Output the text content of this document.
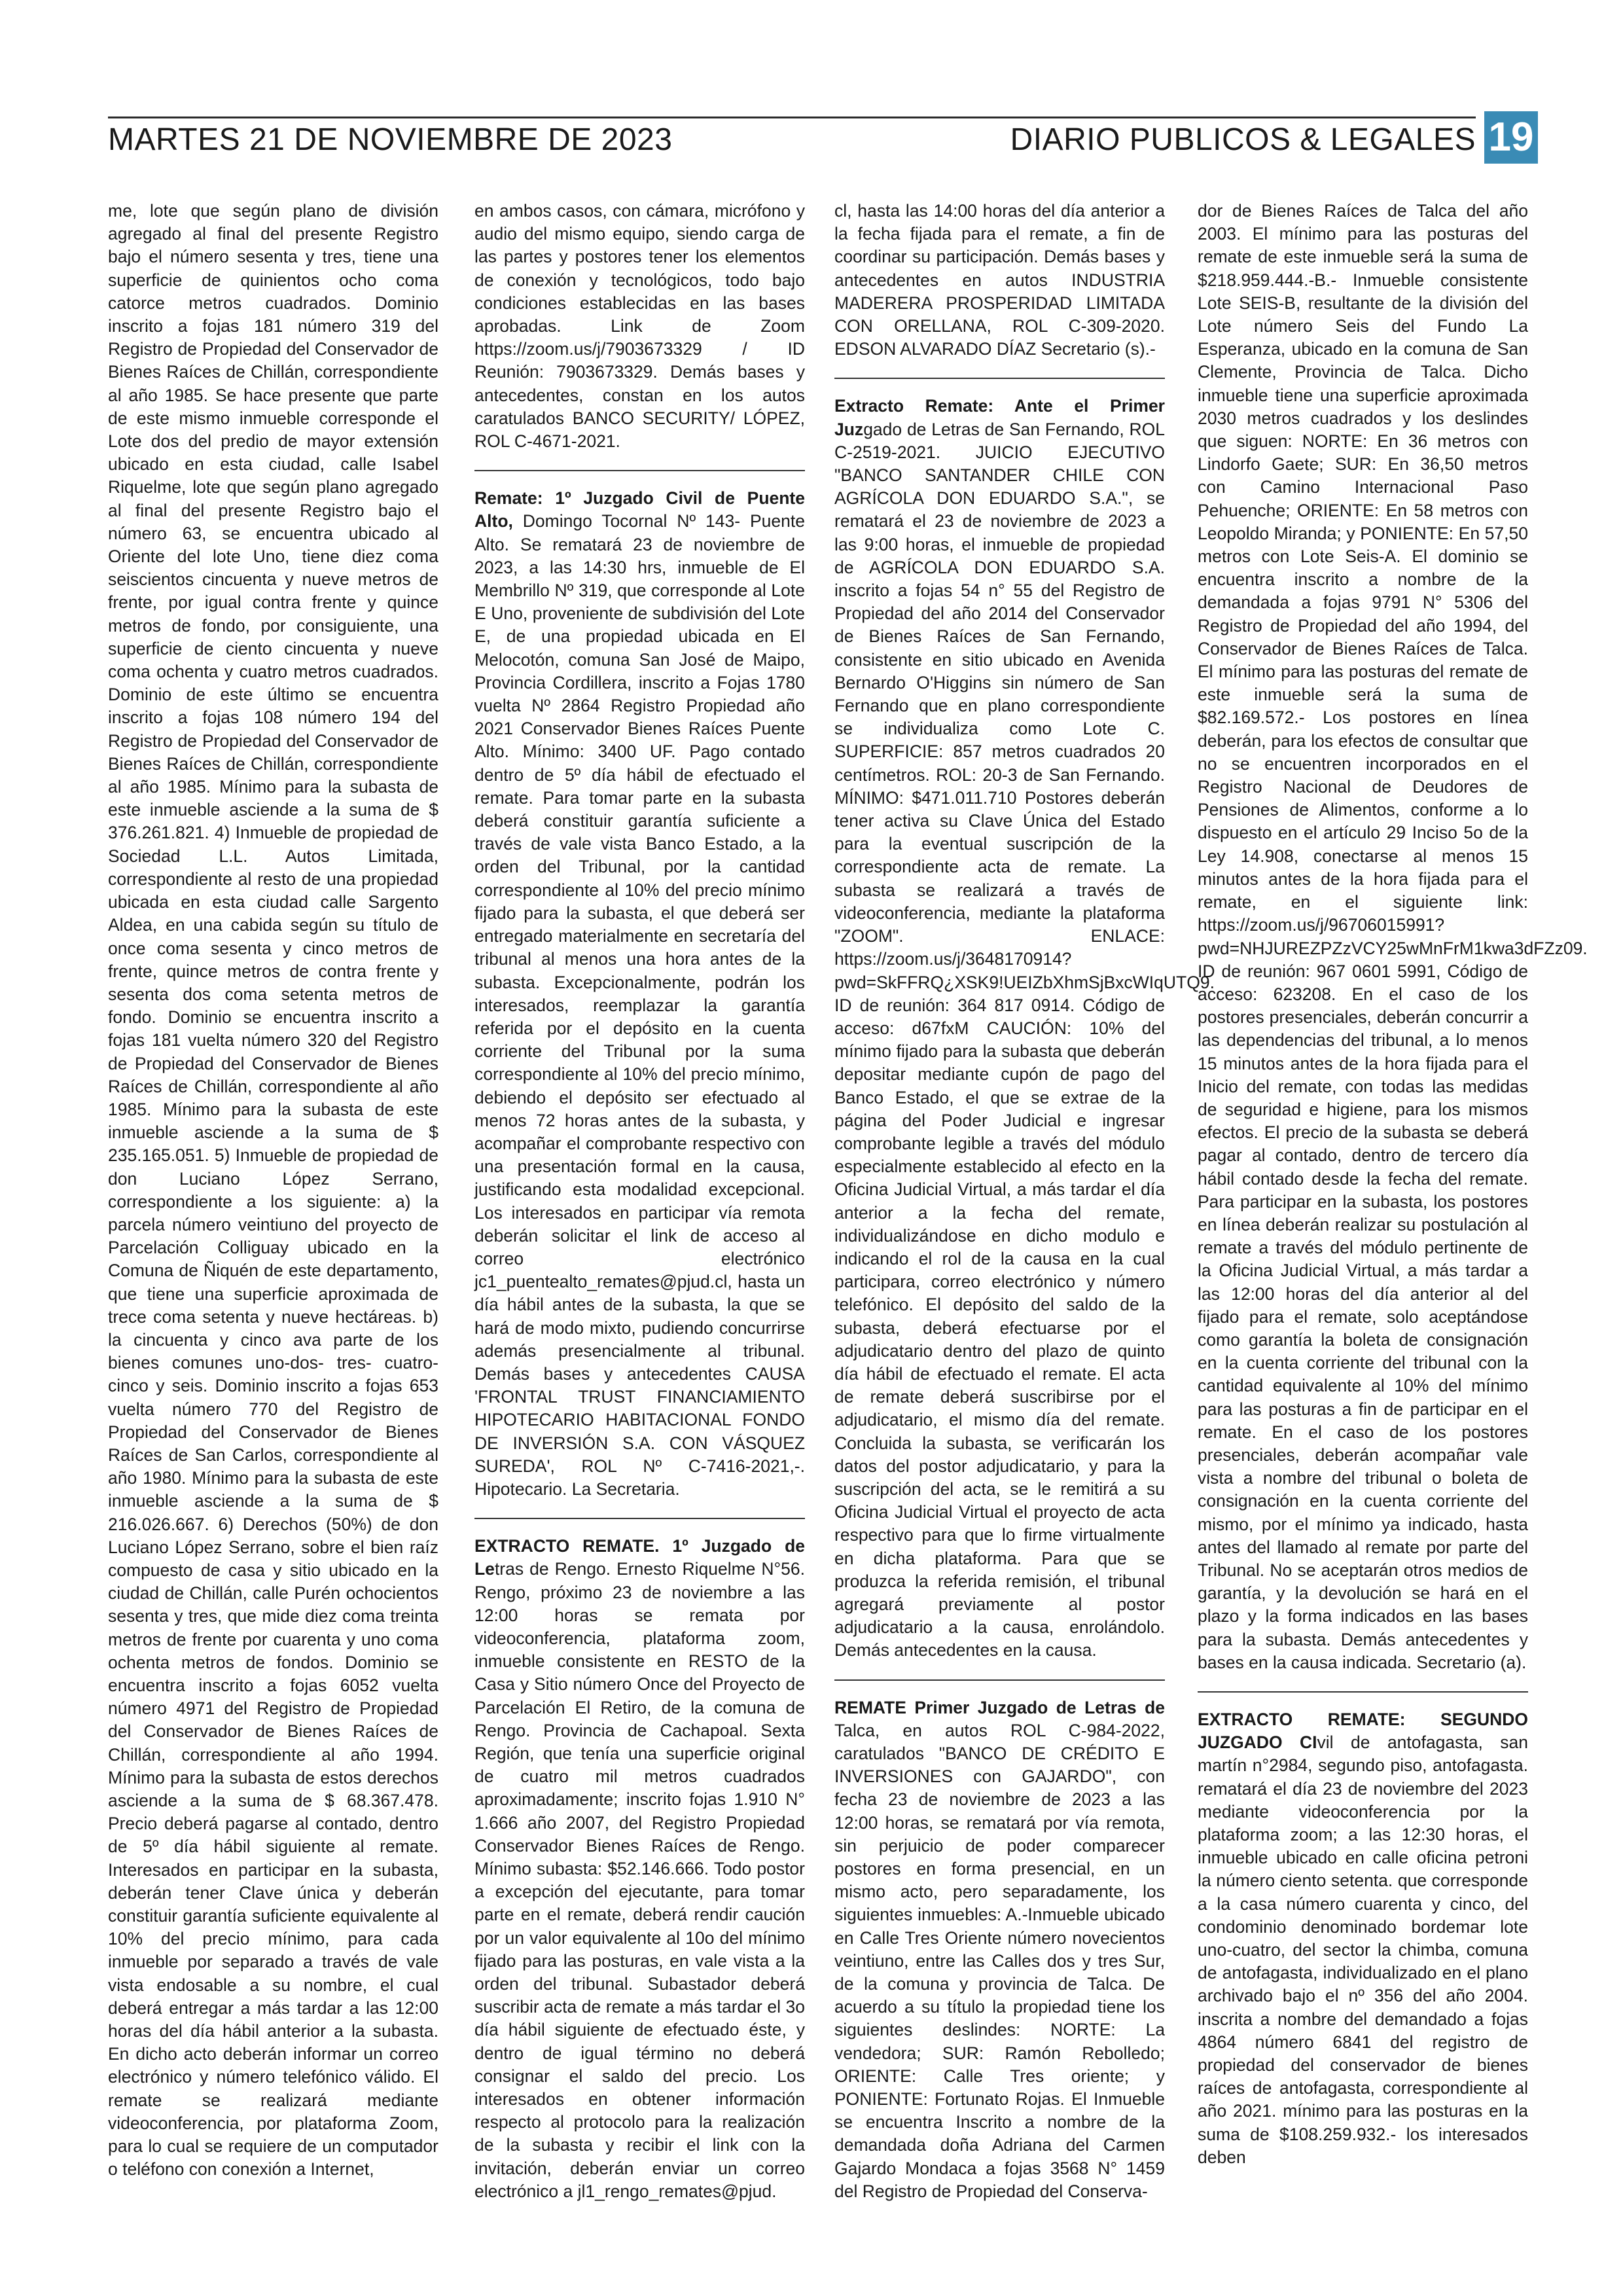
MARTES 21 DE NOVIEMBRE DE 2023	DIARIO PUBLICOS & LEGALES 19

me, lote que según plano de división agregado al final del presente Registro bajo el número sesenta y tres, tiene una superficie de quinientos ocho coma catorce metros cuadrados. Dominio inscrito a fojas 181 número 319 del Registro de Propiedad del Conservador de Bienes Raíces de Chillán, correspondiente al año 1985. Se hace presente que parte de este mismo inmueble corresponde el Lote dos del predio de mayor extensión ubicado en esta ciudad, calle Isabel Riquelme, lote que según plano agregado al final del presente Registro bajo el número 63, se encuentra ubicado al Oriente del lote Uno, tiene diez coma seiscientos cincuenta y nueve metros de frente, por igual contra frente y quince metros de fondo, por consiguiente, una superficie de ciento cincuenta y nueve coma ochenta y cuatro metros cuadrados. Dominio de este último se encuentra inscrito a fojas 108 número 194 del Registro de Propiedad del Conservador de Bienes Raíces de Chillán, correspondiente al año 1985. Mínimo para la subasta de este inmueble asciende a la suma de $ 376.261.821. 4) Inmueble de propiedad de Sociedad L.L. Autos Limitada, correspondiente al resto de una propiedad ubicada en esta ciudad calle Sargento Aldea, en una cabida según su título de once coma sesenta y cinco metros de frente, quince metros de contra frente y sesenta dos coma setenta metros de fondo. Dominio se encuentra inscrito a fojas 181 vuelta número 320 del Registro de Propiedad del Conservador de Bienes Raíces de Chillán, correspondiente al año 1985. Mínimo para la subasta de este inmueble asciende a la suma de $ 235.165.051. 5) Inmueble de propiedad de don Luciano López Serrano, correspondiente a los siguiente: a) la parcela número veintiuno del proyecto de Parcelación Colliguay ubicado en la Comuna de Ñiquén de este departamento, que tiene una superficie aproximada de trece coma setenta y nueve hectáreas. b) la cincuenta y cinco ava parte de los bienes comunes uno-dos- tres- cuatro- cinco y seis. Dominio inscrito a fojas 653 vuelta número 770 del Registro de Propiedad del Conservador de Bienes Raíces de San Carlos, correspondiente al año 1980. Mínimo para la subasta de este inmueble asciende a la suma de $ 216.026.667. 6) Derechos (50%) de don Luciano López Serrano, sobre el bien raíz compuesto de casa y sitio ubicado en la ciudad de Chillán, calle Purén ochocientos sesenta y tres, que mide diez coma treinta metros de frente por cuarenta y uno coma ochenta metros de fondos. Dominio se encuentra inscrito a fojas 6052 vuelta número 4971 del Registro de Propiedad del Conservador de Bienes Raíces de Chillán, correspondiente al año 1994. Mínimo para la subasta de estos derechos asciende a la suma de $ 68.367.478. Precio deberá pagarse al contado, dentro de 5º día hábil siguiente al remate. Interesados en participar en la subasta, deberán tener Clave única y deberán constituir garantía suficiente equivalente al 10% del precio mínimo, para cada inmueble por separado a través de vale vista endosable a su nombre, el cual deberá entregar a más tardar a las 12:00 horas del día hábil anterior a la subasta. En dicho acto deberán informar un correo electrónico y número telefónico válido. El remate se realizará mediante videoconferencia, por plataforma Zoom, para lo cual se requiere de un computador o teléfono con conexión a Internet,

en ambos casos, con cámara, micrófono y audio del mismo equipo, siendo carga de las partes y postores tener los elementos de conexión y tecnológicos, todo bajo condiciones establecidas en las bases aprobadas. Link de Zoom https://zoom.us/j/7903673329 / ID Reunión: 7903673329. Demás bases y antecedentes, constan en los autos caratulados BANCO SECURITY/ LÓPEZ, ROL C-4671-2021.

Remate: 1º Juzgado Civil de Puente Alto, Domingo Tocornal Nº 143- Puente Alto. Se rematará 23 de noviembre de 2023, a las 14:30 hrs, inmueble de El Membrillo Nº 319, que corresponde al Lote E Uno, proveniente de subdivisión del Lote E, de una propiedad ubicada en El Melocotón, comuna San José de Maipo, Provincia Cordillera, inscrito a Fojas 1780 vuelta Nº 2864 Registro Propiedad año 2021 Conservador Bienes Raíces Puente Alto. Mínimo: 3400 UF. Pago contado dentro de 5º día hábil de efectuado el remate. Para tomar parte en la subasta deberá constituir garantía suficiente a través de vale vista Banco Estado, a la orden del Tribunal, por la cantidad correspondiente al 10% del precio mínimo fijado para la subasta, el que deberá ser entregado materialmente en secretaría del tribunal al menos una hora antes de la subasta. Excepcionalmente, podrán los interesados, reemplazar la garantía referida por el depósito en la cuenta corriente del Tribunal por la suma correspondiente al 10% del precio mínimo, debiendo el depósito ser efectuado al menos 72 horas antes de la subasta, y acompañar el comprobante respectivo con una presentación formal en la causa, justificando esta modalidad excepcional. Los interesados en participar vía remota deberán solicitar el link de acceso al correo electrónico jc1_puentealto_remates@pjud.cl, hasta un día hábil antes de la subasta, la que se hará de modo mixto, pudiendo concurrirse además presencialmente al tribunal. Demás bases y antecedentes CAUSA 'FRONTAL TRUST FINANCIAMIENTO HIPOTECARIO HABITACIONAL FONDO DE INVERSIÓN S.A. CON VÁSQUEZ SUREDA', ROL Nº C-7416-2021,-. Hipotecario. La Secretaria.

EXTRACTO REMATE. 1º Juzgado de Letras de Rengo. Ernesto Riquelme N°56. Rengo, próximo 23 de noviembre a las 12:00 horas se remata por videoconferencia, plataforma zoom, inmueble consistente en RESTO de la Casa y Sitio número Once del Proyecto de Parcelación El Retiro, de la comuna de Rengo. Provincia de Cachapoal. Sexta Región, que tenía una superficie original de cuatro mil metros cuadrados aproximadamente; inscrito fojas 1.910 N° 1.666 año 2007, del Registro Propiedad Conservador Bienes Raíces de Rengo. Mínimo subasta: $52.146.666. Todo postor a excepción del ejecutante, para tomar parte en el remate, deberá rendir caución por un valor equivalente al 10o del mínimo fijado para las posturas, en vale vista a la orden del tribunal. Subastador deberá suscribir acta de remate a más tardar el 3o día hábil siguiente de efectuado éste, y dentro de igual término no deberá consignar el saldo del precio. Los interesados en obtener información respecto al protocolo para la realización de la subasta y recibir el link con la invitación, deberán enviar un correo electrónico a jl1_rengo_remates@pjud.

cl, hasta las 14:00 horas del día anterior a la fecha fijada para el remate, a fin de coordinar su participación. Demás bases y antecedentes en autos INDUSTRIA MADERERA PROSPERIDAD LIMITADA CON ORELLANA, ROL C-309-2020. EDSON ALVARADO DÍAZ Secretario (s).-

Extracto Remate: Ante el Primer Juzgado de Letras de San Fernando, ROL C-2519-2021. JUICIO EJECUTIVO "BANCO SANTANDER CHILE CON AGRÍCOLA DON EDUARDO S.A.", se rematará el 23 de noviembre de 2023 a las 9:00 horas, el inmueble de propiedad de AGRÍCOLA DON EDUARDO S.A. inscrito a fojas 54 n° 55 del Registro de Propiedad del año 2014 del Conservador de Bienes Raíces de San Fernando, consistente en sitio ubicado en Avenida Bernardo O'Higgins sin número de San Fernando que en plano correspondiente se individualiza como Lote C. SUPERFICIE: 857 metros cuadrados 20 centímetros. ROL: 20-3 de San Fernando. MÍNIMO: $471.011.710 Postores deberán tener activa su Clave Única del Estado para la eventual suscripción de la correspondiente acta de remate. La subasta se realizará a través de videoconferencia, mediante la plataforma "ZOOM". ENLACE: https://zoom.us/j/3648170914?pwd=SkFFRQ¿XSK9!UEIZbXhmSjBxcWIqUTQ9. ID de reunión: 364 817 0914. Código de acceso: d67fxM CAUCIÓN: 10% del mínimo fijado para la subasta que deberán depositar mediante cupón de pago del Banco Estado, el que se extrae de la página del Poder Judicial e ingresar comprobante legible a través del módulo especialmente establecido al efecto en la Oficina Judicial Virtual, a más tardar el día anterior a la fecha del remate, individualizándose en dicho modulo e indicando el rol de la causa en la cual participara, correo electrónico y número telefónico. El depósito del saldo de la subasta, deberá efectuarse por el adjudicatario dentro del plazo de quinto día hábil de efectuado el remate. El acta de remate deberá suscribirse por el adjudicatario, el mismo día del remate. Concluida la subasta, se verificarán los datos del postor adjudicatario, y para la suscripción del acta, se le remitirá a su Oficina Judicial Virtual el proyecto de acta respectivo para que lo firme virtualmente en dicha plataforma. Para que se produzca la referida remisión, el tribunal agregará previamente al postor adjudicatario a la causa, enrolándolo. Demás antecedentes en la causa.

REMATE Primer Juzgado de Letras de Talca, en autos ROL C-984-2022, caratulados "BANCO DE CRÉDITO E INVERSIONES con GAJARDO", con fecha 23 de noviembre de 2023 a las 12:00 horas, se rematará por vía remota, sin perjuicio de poder comparecer postores en forma presencial, en un mismo acto, pero separadamente, los siguientes inmuebles: A.-Inmueble ubicado en Calle Tres Oriente número novecientos veintiuno, entre las Calles dos y tres Sur, de la comuna y provincia de Talca. De acuerdo a su título la propiedad tiene los siguientes deslindes: NORTE: La vendedora; SUR: Ramón Rebolledo; ORIENTE: Calle Tres oriente; y PONIENTE: Fortunato Rojas. El Inmueble se encuentra Inscrito a nombre de la demandada doña Adriana del Carmen Gajardo Mondaca a fojas 3568 N° 1459 del Registro de Propiedad del Conserva-

dor de Bienes Raíces de Talca del año 2003. El mínimo para las posturas del remate de este inmueble será la suma de $218.959.444.-B.- Inmueble consistente Lote SEIS-B, resultante de la división del Lote número Seis del Fundo La Esperanza, ubicado en la comuna de San Clemente, Provincia de Talca. Dicho inmueble tiene una superficie aproximada 2030 metros cuadrados y los deslindes que siguen: NORTE: En 36 metros con Lindorfo Gaete; SUR: En 36,50 metros con Camino Internacional Paso Pehuenche; ORIENTE: En 58 metros con Leopoldo Miranda; y PONIENTE: En 57,50 metros con Lote Seis-A. El dominio se encuentra inscrito a nombre de la demandada a fojas 9791 N° 5306 del Registro de Propiedad del año 1994, del Conservador de Bienes Raíces de Talca. El mínimo para las posturas del remate de este inmueble será la suma de $82.169.572.- Los postores en línea deberán, para los efectos de consultar que no se encuentren incorporados en el Registro Nacional de Deudores de Pensiones de Alimentos, conforme a lo dispuesto en el artículo 29 Inciso 5o de la Ley 14.908, conectarse al menos 15 minutos antes de la hora fijada para el remate, en el siguiente link: https://zoom.us/j/96706015991?pwd=NHJUREZPZzVCY25wMnFrM1kwa3dFZz09. ID de reunión: 967 0601 5991, Código de acceso: 623208. En el caso de los postores presenciales, deberán concurrir a las dependencias del tribunal, a lo menos 15 minutos antes de la hora fijada para el Inicio del remate, con todas las medidas de seguridad e higiene, para los mismos efectos. El precio de la subasta se deberá pagar al contado, dentro de tercero día hábil contado desde la fecha del remate. Para participar en la subasta, los postores en línea deberán realizar su postulación al remate a través del módulo pertinente de la Oficina Judicial Virtual, a más tardar a las 12:00 horas del día anterior al del fijado para el remate, solo aceptándose como garantía la boleta de consignación en la cuenta corriente del tribunal con la cantidad equivalente al 10% del mínimo para las posturas a fin de participar en el remate. En el caso de los postores presenciales, deberán acompañar vale vista a nombre del tribunal o boleta de consignación en la cuenta corriente del mismo, por el mínimo ya indicado, hasta antes del llamado al remate por parte del Tribunal. No se aceptarán otros medios de garantía, y la devolución se hará en el plazo y la forma indicados en las bases para la subasta. Demás antecedentes y bases en la causa indicada. Secretario (a).

EXTRACTO REMATE: SEGUNDO JUZGADO CIvil de antofagasta, san martín n°2984, segundo piso, antofagasta. rematará el día 23 de noviembre del 2023 mediante videoconferencia por la plataforma zoom; a las 12:30 horas, el inmueble ubicado en calle oficina petroni la número ciento setenta. que corresponde a la casa número cuarenta y cinco, del condominio denominado bordemar lote uno-cuatro, del sector la chimba, comuna de antofagasta, individualizado en el plano archivado bajo el nº 356 del año 2004. inscrita a nombre del demandado a fojas 4864 número 6841 del registro de propiedad del conservador de bienes raíces de antofagasta, correspondiente al año 2021. mínimo para las posturas en la suma de $108.259.932.- los interesados deben
